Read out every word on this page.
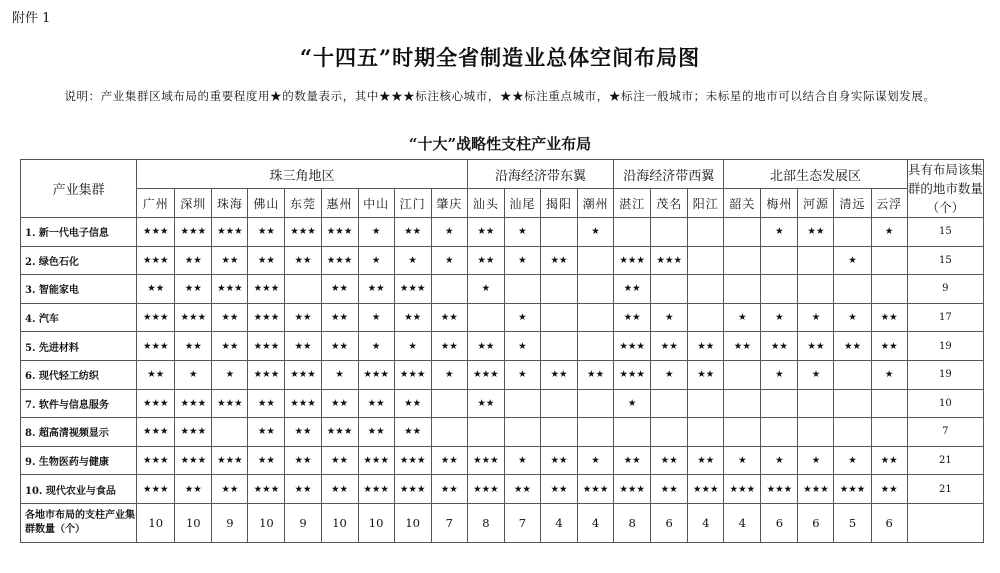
附件 1
“十四五”时期全省制造业总体空间布局图
说明：产业集群区域布局的重要程度用★的数量表示，其中★★★标注核心城市，★★标注重点城市，★标注一般城市；未标星的地市可以结合自身实际谋划发展。
“十大”战略性支柱产业布局
产业集群	珠三角地区									沿海经济带东翼				沿海经济带西翼			北部生态发展区					具有布局该集群的地市数量（个）
	广州	深圳	珠海	佛山	东莞	惠州	中山	江门	肇庆	汕头	汕尾	揭阳	潮州	湛江	茂名	阳江	韶关	梅州	河源	清远	云浮	
1. 新一代电子信息	★★★	★★★	★★★	★★	★★★	★★★	★	★★	★	★★	★		★					★	★★		★	15
2. 绿色石化	★★★	★★	★★	★★	★★	★★★	★	★	★	★★	★	★★		★★★	★★★					★		15
3. 智能家电	★★	★★	★★★	★★★		★★	★★	★★★		★				★★								9
4. 汽车	★★★	★★★	★★	★★★	★★	★★	★	★★	★★		★			★★	★		★	★	★	★	★★	17
5. 先进材料	★★★	★★	★★	★★★	★★	★★	★	★	★★	★★	★			★★★	★★	★★	★★	★★	★★	★★	★★	19
6. 现代轻工纺织	★★	★	★	★★★	★★★	★	★★★	★★★	★	★★★	★	★★	★★	★★★	★	★★		★	★		★	19
7. 软件与信息服务	★★★	★★★	★★★	★★	★★★	★★	★★	★★		★★				★								10
8. 超高清视频显示	★★★	★★★		★★	★★	★★★	★★	★★														7
9. 生物医药与健康	★★★	★★★	★★★	★★	★★	★★	★★★	★★★	★★	★★★	★	★★	★	★★	★★	★★	★	★	★	★	★★	21
10. 现代农业与食品	★★★	★★	★★	★★★	★★	★★	★★★	★★★	★★	★★★	★★	★★	★★★	★★★	★★	★★★	★★★	★★★	★★★	★★★	★★	21
各地市布局的支柱产业集群数量（个）	10	10	9	10	9	10	10	10	7	8	7	4	4	8	6	4	4	6	6	5	6	
